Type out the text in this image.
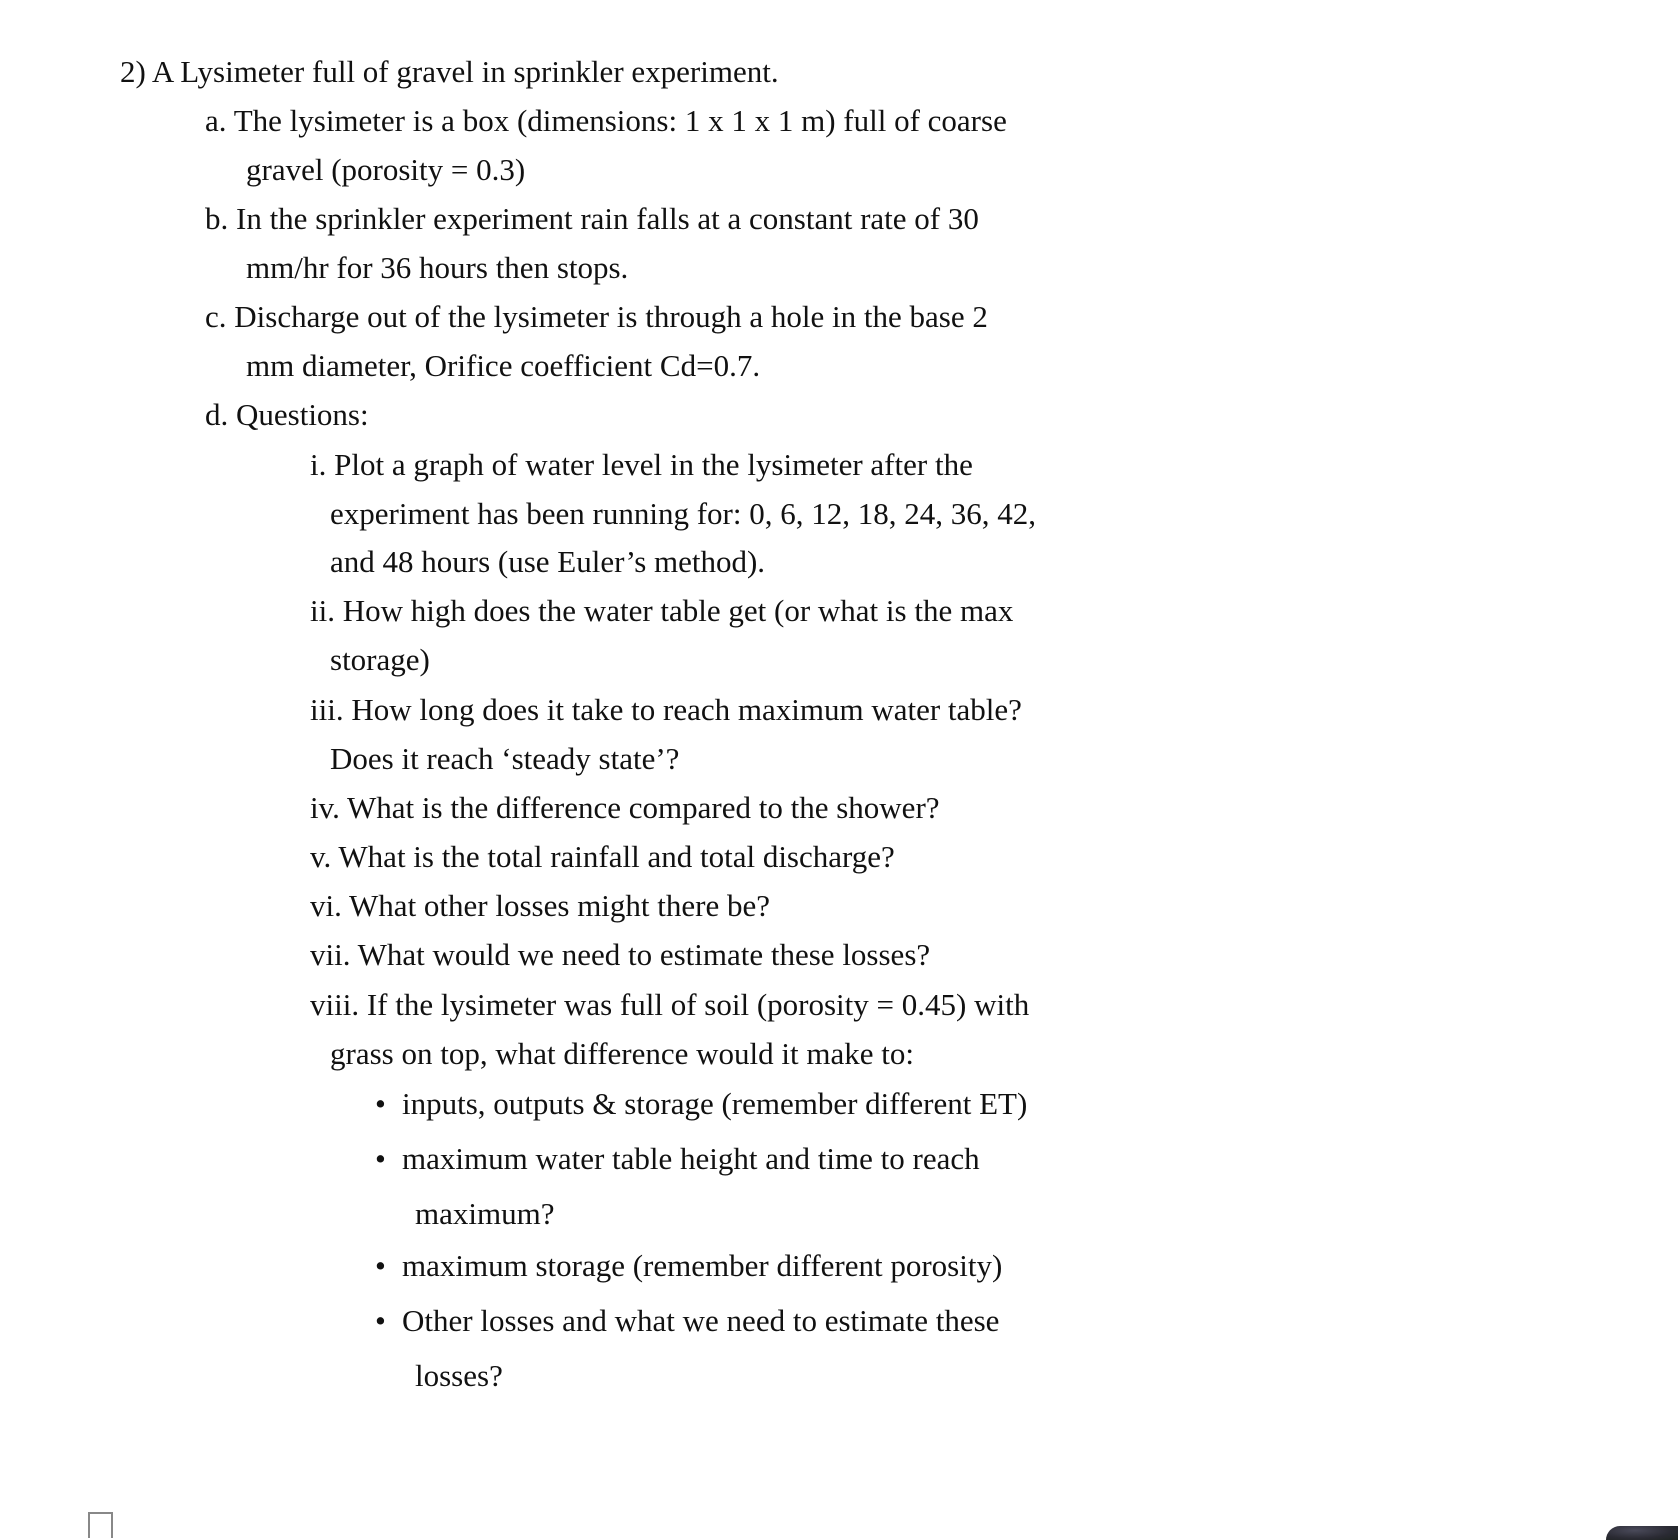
2) A Lysimeter full of gravel in sprinkler experiment.
a. The lysimeter is a box (dimensions: 1 x 1 x 1 m) full of coarse
gravel (porosity = 0.3)
b. In the sprinkler experiment rain falls at a constant rate of 30
mm/hr for 36 hours then stops.
c. Discharge out of the lysimeter is through a hole in the base 2
mm diameter, Orifice coefficient Cd=0.7.
d. Questions:
i. Plot a graph of water level in the lysimeter after the
experiment has been running for: 0, 6, 12, 18, 24, 36, 42,
and 48 hours (use Euler’s method).
ii. How high does the water table get (or what is the max
storage)
iii. How long does it take to reach maximum water table?
Does it reach ‘steady state’?
iv. What is the difference compared to the shower?
v. What is the total rainfall and total discharge?
vi. What other losses might there be?
vii. What would we need to estimate these losses?
viii. If the lysimeter was full of soil (porosity = 0.45) with
grass on top, what difference would it make to:
• inputs, outputs & storage (remember different ET)
• maximum water table height and time to reach
maximum?
• maximum storage (remember different porosity)
• Other losses and what we need to estimate these
losses?
